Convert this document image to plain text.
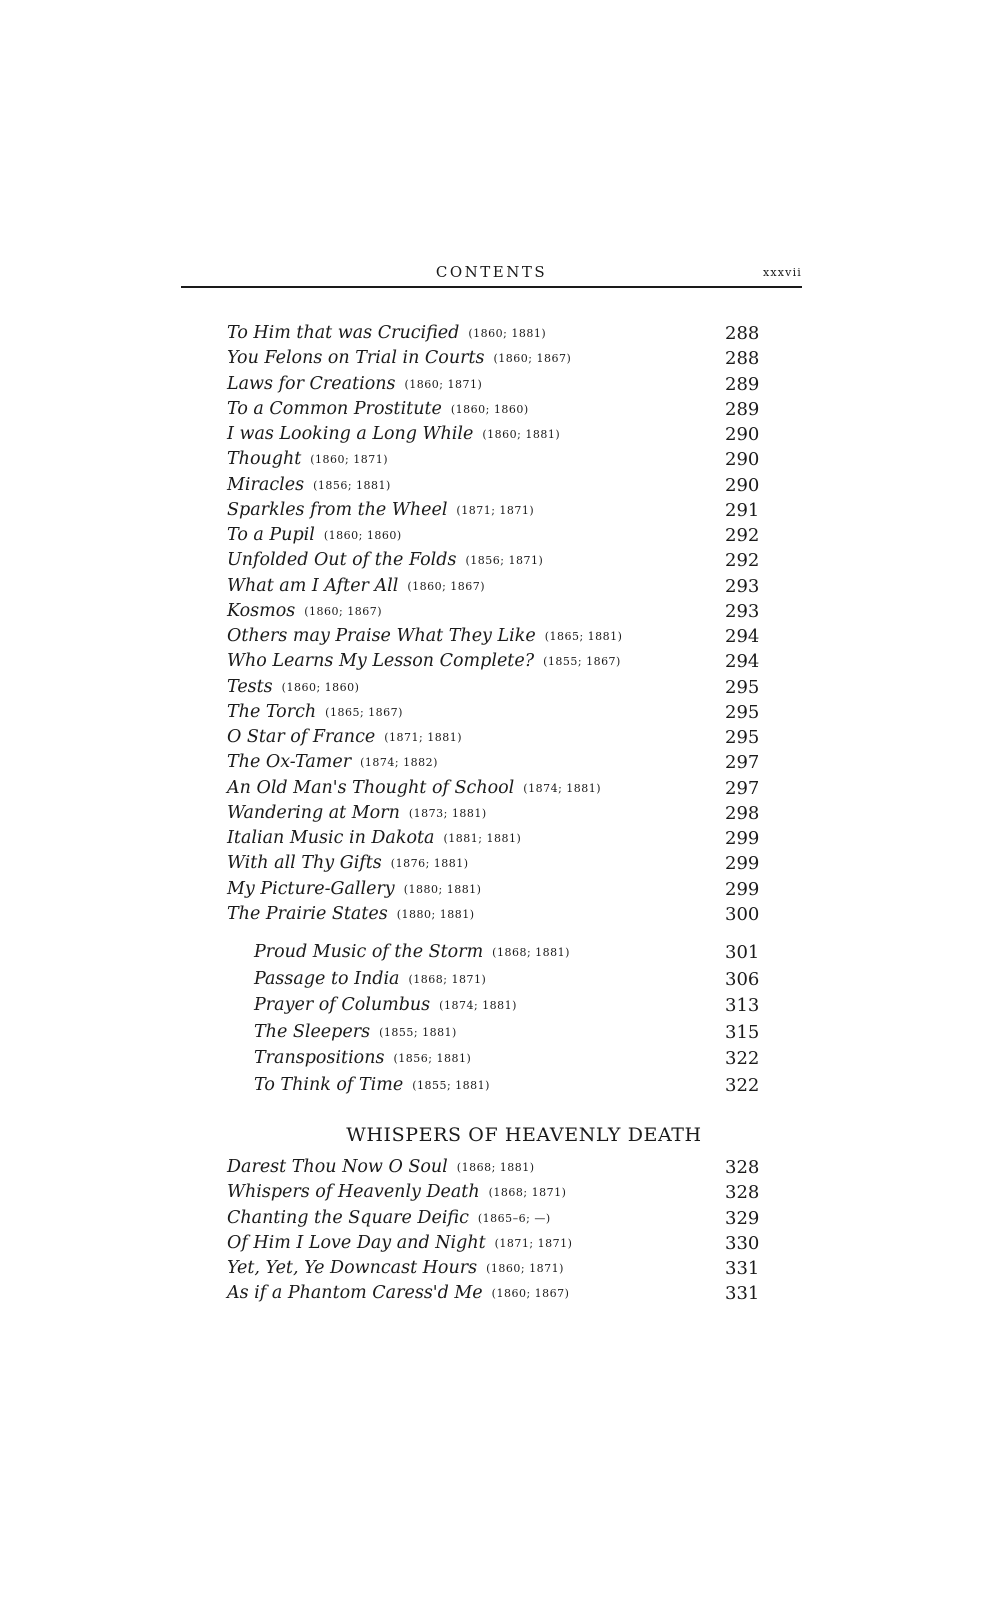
CONTENTS	xxxvii
To Him that was Crucified (1860; 1881)	288
You Felons on Trial in Courts (1860; 1867)	288
Laws for Creations (1860; 1871)	289
To a Common Prostitute (1860; 1860)	289
I was Looking a Long While (1860; 1881)	290
Thought (1860; 1871)	290
Miracles (1856; 1881)	290
Sparkles from the Wheel (1871; 1871)	291
To a Pupil (1860; 1860)	292
Unfolded Out of the Folds (1856; 1871)	292
What am I After All (1860; 1867)	293
Kosmos (1860; 1867)	293
Others may Praise What They Like (1865; 1881)	294
Who Learns My Lesson Complete? (1855; 1867)	294
Tests (1860; 1860)	295
The Torch (1865; 1867)	295
O Star of France (1871; 1881)	295
The Ox-Tamer (1874; 1882)	297
An Old Man's Thought of School (1874; 1881)	297
Wandering at Morn (1873; 1881)	298
Italian Music in Dakota (1881; 1881)	299
With all Thy Gifts (1876; 1881)	299
My Picture-Gallery (1880; 1881)	299
The Prairie States (1880; 1881)	300
Proud Music of the Storm (1868; 1881)	301
Passage to India (1868; 1871)	306
Prayer of Columbus (1874; 1881)	313
The Sleepers (1855; 1881)	315
Transpositions (1856; 1881)	322
To Think of Time (1855; 1881)	322
WHISPERS OF HEAVENLY DEATH
Darest Thou Now O Soul (1868; 1881)	328
Whispers of Heavenly Death (1868; 1871)	328
Chanting the Square Deific (1865–6; —)	329
Of Him I Love Day and Night (1871; 1871)	330
Yet, Yet, Ye Downcast Hours (1860; 1871)	331
As if a Phantom Caress'd Me (1860; 1867)	331
